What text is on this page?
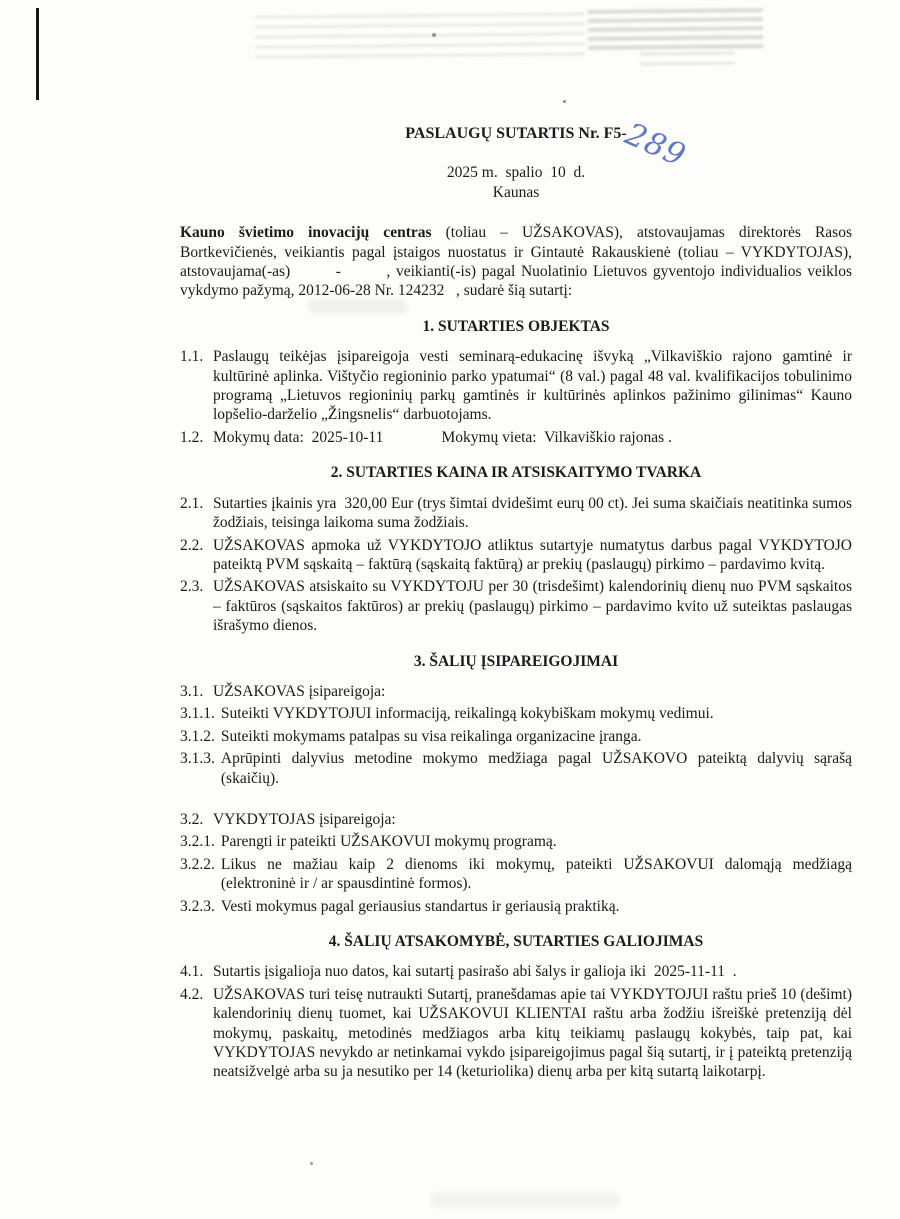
PASLAUGŲ SUTARTIS Nr. F5-289
2025 m.  spalio  10  d.
Kaunas

Kauno švietimo inovacijų centras (toliau – UŽSAKOVAS), atstovaujamas direktorės Rasos Bortkevičienės, veikiantis pagal įstaigos nuostatus ir Gintautė Rakauskienė (toliau – VYKDYTOJAS), atstovaujama(-as)        -        , veikianti(-is) pagal Nuolatinio Lietuvos gyventojo individualios veiklos vykdymo pažymą, 2012-06-28 Nr. 124232   , sudarė šią sutartį:

1. SUTARTIES OBJEKTAS
1.1. Paslaugų teikėjas įsipareigoja vesti seminarą-edukacinę išvyką „Vilkaviškio rajono gamtinė ir kultūrinė aplinka. Vištyčio regioninio parko ypatumai“ (8 val.) pagal 48 val. kvalifikacijos tobulinimo programą „Lietuvos regioninių parkų gamtinės ir kultūrinės aplinkos pažinimo gilinimas“ Kauno lopšelio-darželio „Žingsnelis“ darbuotojams.
1.2. Mokymų data:  2025-10-11               Mokymų vieta:  Vilkaviškio rajonas .
2. SUTARTIES KAINA IR ATSISKAITYMO TVARKA
2.1. Sutarties įkainis yra  320,00 Eur (trys šimtai dvidešimt eurų 00 ct). Jei suma skaičiais neatitinka sumos žodžiais, teisinga laikoma suma žodžiais.
2.2. UŽSAKOVAS apmoka už VYKDYTOJO atliktus sutartyje numatytus darbus pagal VYKDYTOJO pateiktą PVM sąskaitą – faktūrą (sąskaitą faktūrą) ar prekių (paslaugų) pirkimo – pardavimo kvitą.
2.3. UŽSAKOVAS atsiskaito su VYKDYTOJU per 30 (trisdešimt) kalendorinių dienų nuo PVM sąskaitos – faktūros (sąskaitos faktūros) ar prekių (paslaugų) pirkimo – pardavimo kvito už suteiktas paslaugas išrašymo dienos.
3. ŠALIŲ ĮSIPAREIGOJIMAI
3.1. UŽSAKOVAS įsipareigoja:
3.1.1. Suteikti VYKDYTOJUI informaciją, reikalingą kokybiškam mokymų vedimui.
3.1.2. Suteikti mokymams patalpas su visa reikalinga organizacine įranga.
3.1.3. Aprūpinti dalyvius metodine mokymo medžiaga pagal UŽSAKOVO pateiktą dalyvių sąrašą (skaičių).
3.2. VYKDYTOJAS įsipareigoja:
3.2.1. Parengti ir pateikti UŽSAKOVUI mokymų programą.
3.2.2. Likus ne mažiau kaip 2 dienoms iki mokymų, pateikti UŽSAKOVUI dalomąją medžiagą (elektroninė ir / ar spausdintinė formos).
3.2.3. Vesti mokymus pagal geriausius standartus ir geriausią praktiką.
4. ŠALIŲ ATSAKOMYBĖ, SUTARTIES GALIOJIMAS
4.1. Sutartis įsigalioja nuo datos, kai sutartį pasirašo abi šalys ir galioja iki  2025-11-11  .
4.2. UŽSAKOVAS turi teisę nutraukti Sutartį, pranešdamas apie tai VYKDYTOJUI raštu prieš 10 (dešimt) kalendorinių dienų tuomet, kai UŽSAKOVUI KLIENTAI raštu arba žodžiu išreiškė pretenziją dėl mokymų, paskaitų, metodinės medžiagos arba kitų teikiamų paslaugų kokybės, taip pat, kai VYKDYTOJAS nevykdo ar netinkamai vykdo įsipareigojimus pagal šią sutartį, ir į pateiktą pretenziją neatsižvelgė arba su ja nesutiko per 14 (keturiolika) dienų arba per kitą sutartą laikotarpį.
